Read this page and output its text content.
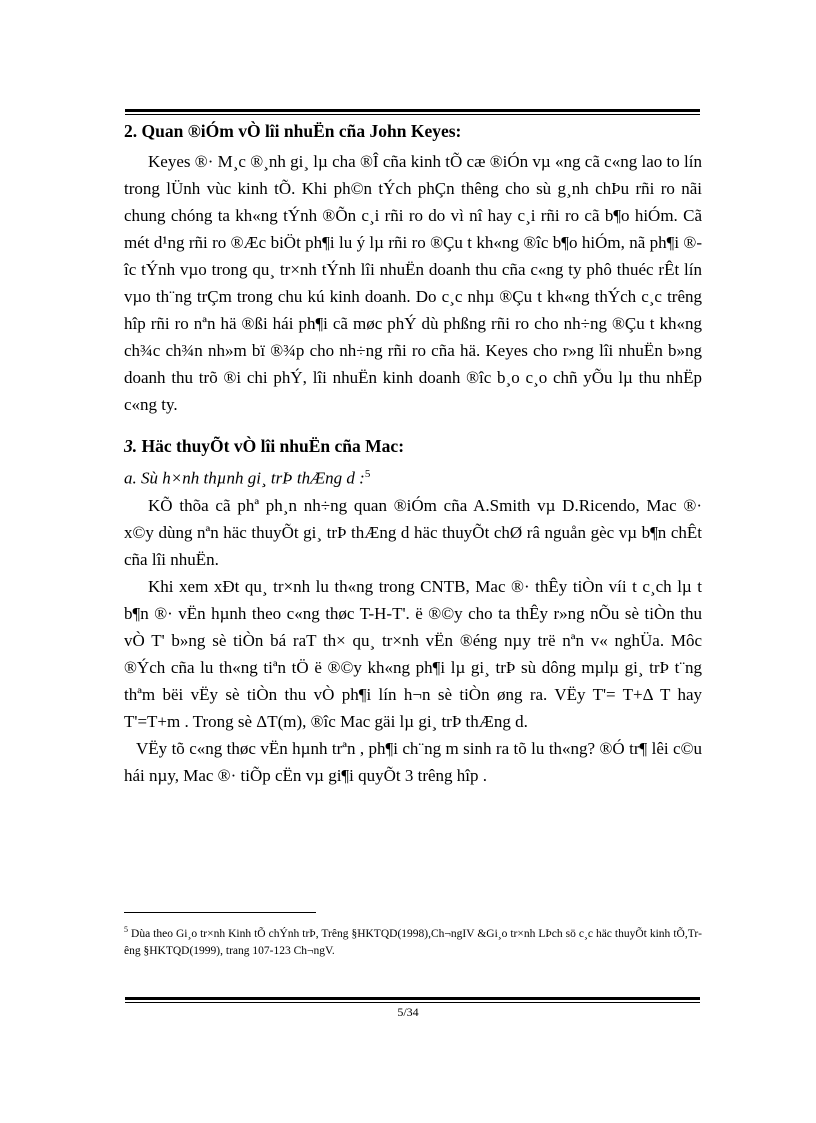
2. Quan ®iÓm vÒ lîi nhuËn cña John Keyes:

Keyes ®· M¸c ®¸nh gi¸ lµ cha ®Î cña kinh tÕ cæ ®iÓn vµ «ng cã c«ng lao to lín trong lÜnh vùc kinh tÕ. Khi ph©n tÝch phÇn thêng cho sù g¸nh chÞu rñi ro nãi chung chóng ta kh«ng tÝnh ®Õn c¸i rñi ro do vì nî hay c¸i rñi ro cã b¶o hiÓm. Cã mét d¹ng rñi ro ®Æc biÖt ph¶i lu ý lµ rñi ro ®Çu t kh«ng ®îc b¶o hiÓm, nã ph¶i ®îc tÝnh vµo trong qu¸ tr×nh tÝnh lîi nhuËn doanh thu cña c«ng ty phô thuéc rÊt lín vµo th¨ng trÇm trong chu kú kinh doanh. Do c¸c nhµ ®Çu t kh«ng thÝch c¸c trêng hîp rñi ro nªn hä ®ßi hái ph¶i cã møc phÝ dù phßng rñi ro cho nh÷ng ®Çu t kh«ng ch¾c ch¾n nh»m bï ®¾p cho nh÷ng rñi ro cña hä. Keyes cho r»ng lîi nhuËn b»ng doanh thu trõ ®i chi phÝ, lîi nhuËn kinh doanh ®îc b¸o c¸o chñ yÕu lµ thu nhËp c«ng ty.

3. Häc thuyÕt vÒ lîi nhuËn cña Mac:
a. Sù h×nh thµnh gi¸ trÞ thÆng d :$^5$

KÕ thõa cã phª ph¸n nh÷ng quan ®iÓm cña A.Smith vµ D.Ricendo, Mac ®· x©y dùng nªn häc thuyÕt gi¸ trÞ thÆng d häc thuyÕt chØ râ nguån gèc vµ b¶n chÊt cña lîi nhuËn.

Khi xem xÐt qu¸ tr×nh lu th«ng trong CNTB, Mac ®· thÊy tiÒn víi t c¸ch lµ t b¶n ®· vËn hµnh theo c«ng thøc T-H-T'. ë ®©y cho ta thÊy r»ng nÕu sè tiÒn thu vÒ T' b»ng sè tiÒn bá raT th× qu¸ tr×nh vËn ®éng nµy trë nªn v« nghÜa. Môc ®Ých cña lu th«ng tiªn tÖ ë ®©y kh«ng ph¶i lµ gi¸ trÞ sù dông mµlµ gi¸ trÞ t¨ng thªm bëi vËy sè tiÒn thu vÒ ph¶i lín h¬n sè tiÒn øng ra. VËy T'= T+Δ T hay T'=T+m . Trong sè ΔT(m), ®îc Mac gäi lµ gi¸ trÞ thÆng d.

VËy tõ c«ng thøc vËn hµnh trªn , ph¶i ch¨ng m sinh ra tõ lu th«ng? ®Ó tr¶ lêi c©u hái nµy, Mac ®· tiÕp cËn vµ gi¶i quyÕt 3 trêng hîp .

$^5$ Dùa theo Gi¸o tr×nh Kinh tÕ chÝnh trÞ, Trêng §HKTQD(1998),Ch¬ngIV &Gi¸o tr×nh LÞch sö c¸c häc thuyÕt kinh tÕ,Trêng §HKTQD(1999), trang 107-123 Ch¬ngV.
5/34
